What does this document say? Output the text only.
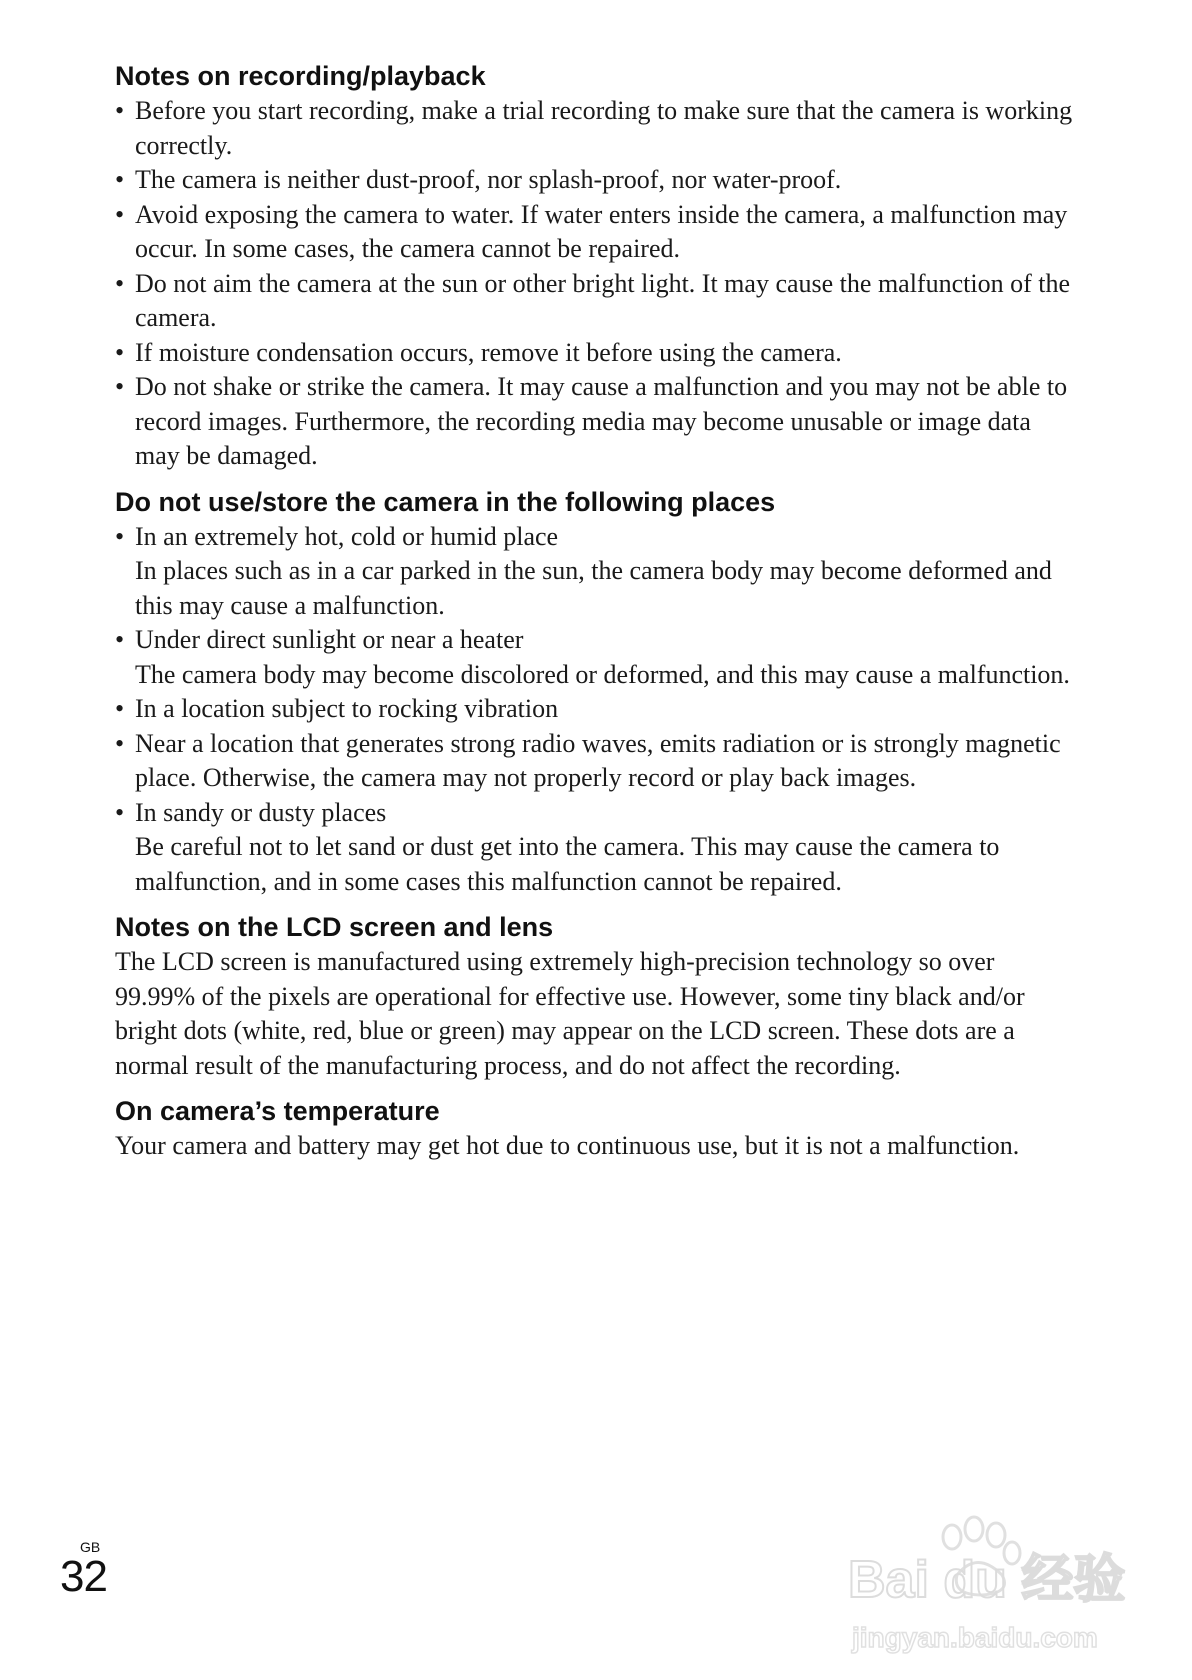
Notes on recording/playback
• Before you start recording, make a trial recording to make sure that the camera is working correctly.
• The camera is neither dust-proof, nor splash-proof, nor water-proof.
• Avoid exposing the camera to water. If water enters inside the camera, a malfunction may occur. In some cases, the camera cannot be repaired.
• Do not aim the camera at the sun or other bright light. It may cause the malfunction of the camera.
• If moisture condensation occurs, remove it before using the camera.
• Do not shake or strike the camera. It may cause a malfunction and you may not be able to record images. Furthermore, the recording media may become unusable or image data may be damaged.
Do not use/store the camera in the following places
• In an extremely hot, cold or humid place
In places such as in a car parked in the sun, the camera body may become deformed and this may cause a malfunction.
• Under direct sunlight or near a heater
The camera body may become discolored or deformed, and this may cause a malfunction.
• In a location subject to rocking vibration
• Near a location that generates strong radio waves, emits radiation or is strongly magnetic place. Otherwise, the camera may not properly record or play back images.
• In sandy or dusty places
Be careful not to let sand or dust get into the camera. This may cause the camera to malfunction, and in some cases this malfunction cannot be repaired.
Notes on the LCD screen and lens

The LCD screen is manufactured using extremely high-precision technology so over 99.99% of the pixels are operational for effective use. However, some tiny black and/or bright dots (white, red, blue or green) may appear on the LCD screen. These dots are a normal result of the manufacturing process, and do not affect the recording.

On camera’s temperature

Your camera and battery may get hot due to continuous use, but it is not a malfunction.

GB
32	Bai du 经验
jingyan.baidu.com
